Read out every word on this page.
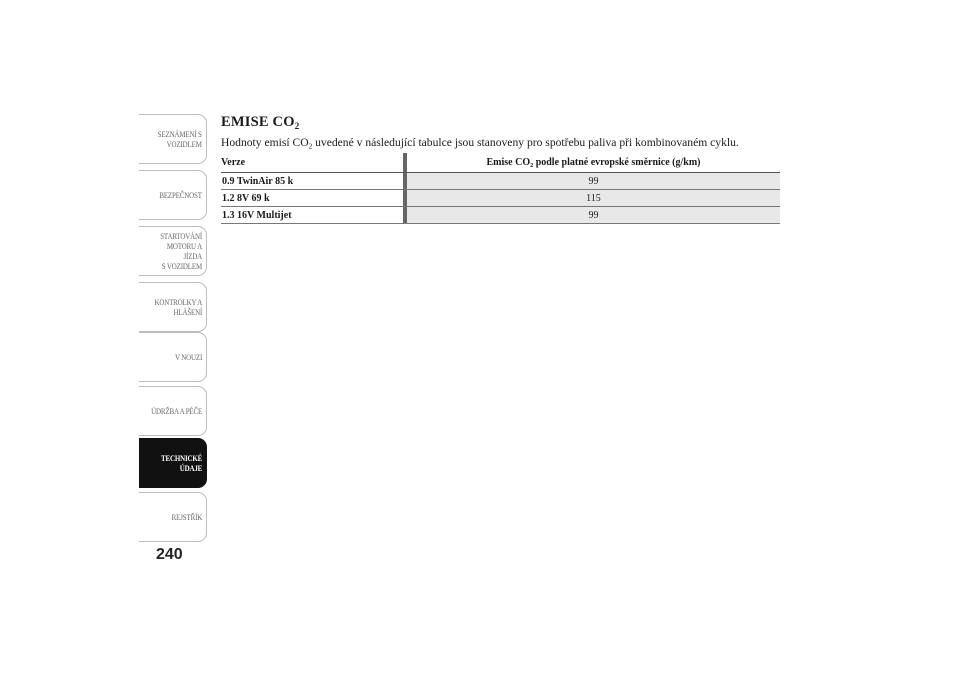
SEZNÁMENÍ S
VOZIDLEM
BEZPEČNOST
STARTOVÁNÍ
MOTORU A JÍZDA
S VOZIDLEM
KONTROLKY A
HLÁŠENÍ
V NOUZI
ÚDRŽBA A PÉČE
TECHNICKÉ
ÚDAJE
REJSTŘÍK
240
EMISE $CO_2$
Hodnoty emisí $CO_2$ uvedené v následující tabulce jsou stanoveny pro spotřebu paliva při kombinovaném cyklu.
Verze		Emise $CO_2$ podle platné evropské směrnice (g/km)
0.9 TwinAir 85 k		99
1.2 8V 69 k		115
1.3 16V Multijet		99
